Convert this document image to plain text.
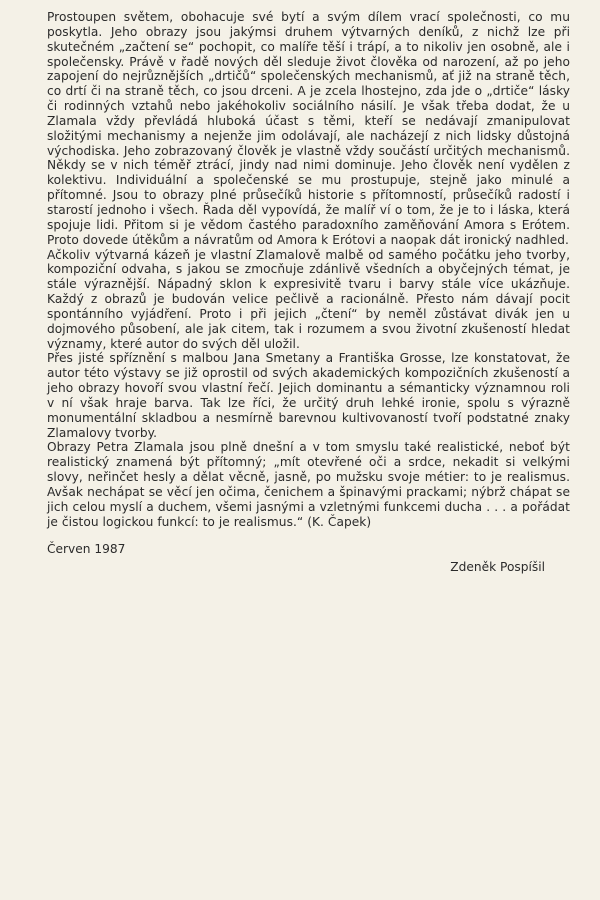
Prostoupen světem, obohacuje své bytí a svým dílem vrací společnosti, co mu poskytla. Jeho obrazy jsou jakýmsi druhem výtvarných deníků, z nichž lze při skutečném „začtení se“ pochopit, co malíře těší i trápí, a to nikoliv jen osobně, ale i společensky. Právě v řadě nových děl sleduje život člověka od narození, až po jeho zapojení do nejrůznějších „drtičů“ společenských mechanismů, ať již na straně těch, co drtí či na straně těch, co jsou drceni. A je zcela lhostejno, zda jde o „drtiče“ lásky či rodinných vztahů nebo jakéhokoliv sociálního násilí. Je však třeba dodat, že u Zlamala vždy převládá hluboká účast s těmi, kteří se nedávají zmanipulovat složitými mechanismy a nejenže jim odolávají, ale nacházejí z nich lidsky důstojná východiska. Jeho zobrazovaný člověk je vlastně vždy součástí určitých mechanismů. Někdy se v nich téměř ztrácí, jindy nad nimi dominuje. Jeho člověk není vydělen z kolektivu. Individuální a společenské se mu prostupuje, stejně jako minulé a přítomné. Jsou to obrazy plné průsečíků historie s přítomností, průsečíků radostí i starostí jednoho i všech. Řada děl vypovídá, že malíř ví o tom, že je to i láska, která spojuje lidi. Přitom si je vědom častého paradoxního zaměňování Amora s Erótem. Proto dovede útěkům a návratům od Amora k Erótovi a naopak dát ironický nadhled.

Ačkoliv výtvarná kázeň je vlastní Zlamalově malbě od samého počátku jeho tvorby, kompoziční odvaha, s jakou se zmocňuje zdánlivě všedních a obyčejných témat, je stále výraznější. Nápadný sklon k expresivitě tvaru i barvy stále více ukázňuje. Každý z obrazů je budován velice pečlivě a racionálně. Přesto nám dávají pocit spontánního vyjádření. Proto i při jejich „čtení“ by neměl zůstávat divák jen u dojmového působení, ale jak citem, tak i rozumem a svou životní zkušeností hledat významy, které autor do svých děl uložil.

Přes jisté spříznění s malbou Jana Smetany a Františka Grosse, lze konstatovat, že autor této výstavy se již oprostil od svých akademických kompozičních zkušeností a jeho obrazy hovoří svou vlastní řečí. Jejich dominantu a sémanticky významnou roli v ní však hraje barva. Tak lze říci, že určitý druh lehké ironie, spolu s výrazně monumentální skladbou a nesmírně barevnou kultivovaností tvoří podstatné znaky Zlamalovy tvorby.

Obrazy Petra Zlamala jsou plně dnešní a v tom smyslu také realistické, neboť být realistický znamená být přítomný; „mít otevřené oči a srdce, nekadit si velkými slovy, neřinčet hesly a dělat věcně, jasně, po mužsku svoje métier: to je realismus. Avšak nechápat se věcí jen očima, čenichem a špinavými prackami; nýbrž chápat se jich celou myslí a duchem, všemi jasnými a vzletnými funkcemi ducha . . . a pořádat je čistou logickou funkcí: to je realismus.“ (K. Čapek)

Červen 1987
Zdeněk Pospíšil
